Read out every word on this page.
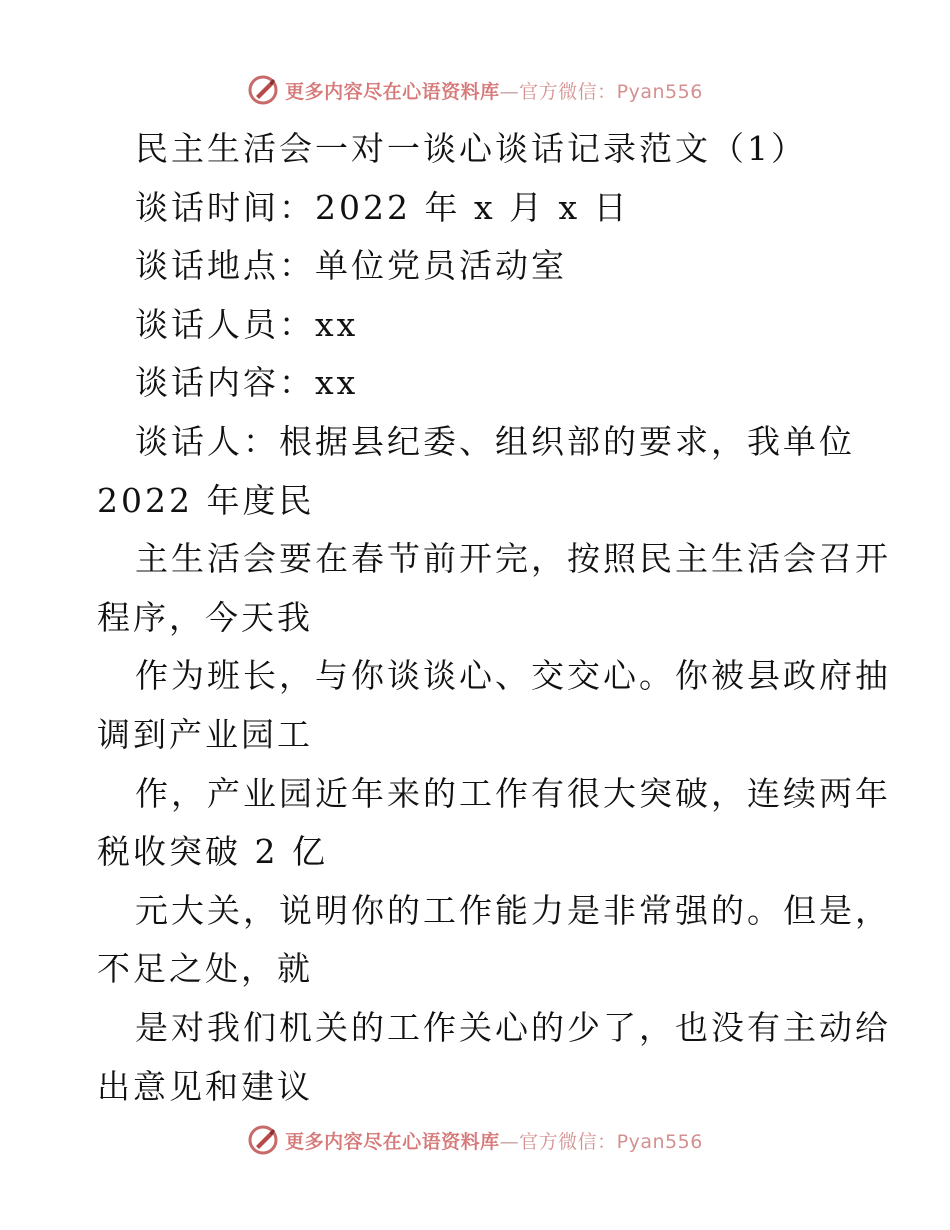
更多内容尽在心语资料库—官方微信：Pyan556
民主生活会一对一谈心谈话记录范文（1）
谈话时间：2022 年 x 月 x 日
谈话地点：单位党员活动室
谈话人员：xx
谈话内容：xx
谈话人：根据县纪委、组织部的要求，我单位
2022 年度民
主生活会要在春节前开完，按照民主生活会召开
程序，今天我
作为班长，与你谈谈心、交交心。你被县政府抽
调到产业园工
作，产业园近年来的工作有很大突破，连续两年
税收突破 2 亿
元大关，说明你的工作能力是非常强的。但是，
不足之处，就
是对我们机关的工作关心的少了，也没有主动给
出意见和建议
更多内容尽在心语资料库—官方微信：Pyan556
